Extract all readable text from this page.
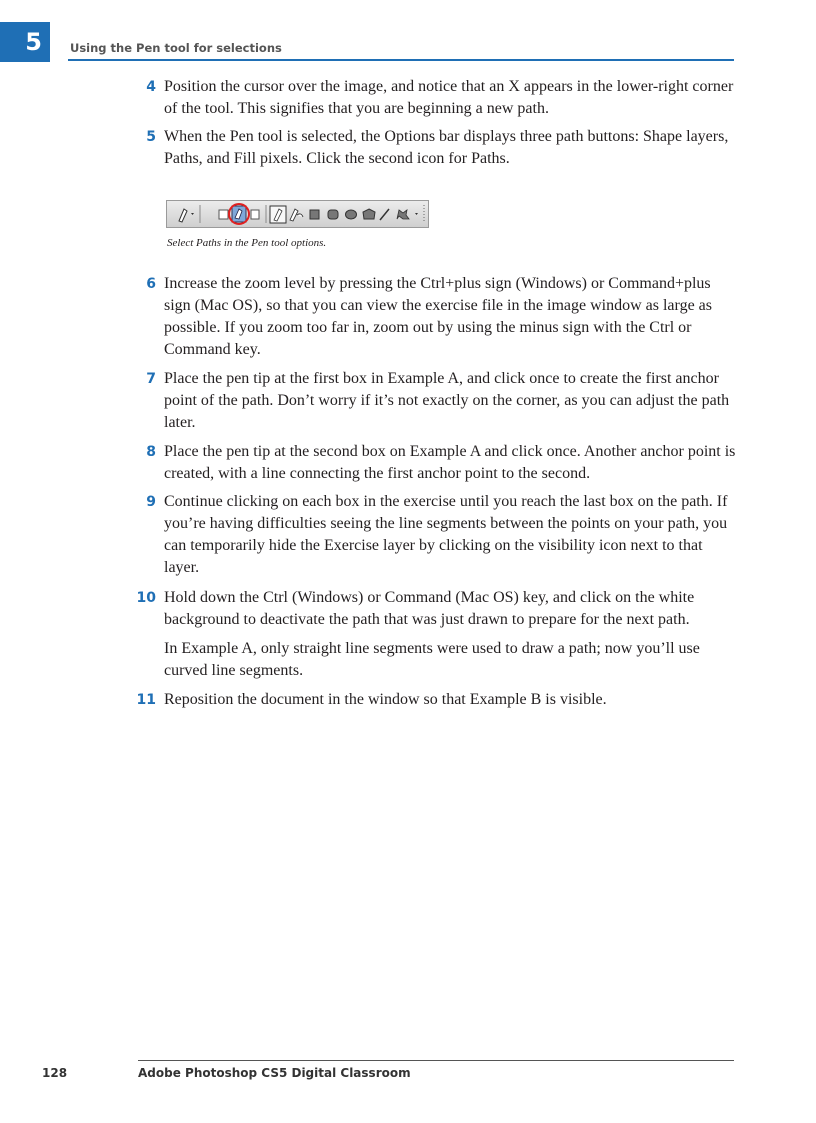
5	Using the Pen tool for selections
4 Position the cursor over the image, and notice that an X appears in the lower-right corner of the tool. This signifies that you are beginning a new path.
5 When the Pen tool is selected, the Options bar displays three path buttons: Shape layers, Paths, and Fill pixels. Click the second icon for Paths.
Select Paths in the Pen tool options.
6 Increase the zoom level by pressing the Ctrl+plus sign (Windows) or Command+plus sign (Mac OS), so that you can view the exercise file in the image window as large as possible. If you zoom too far in, zoom out by using the minus sign with the Ctrl or Command key.
7 Place the pen tip at the first box in Example A, and click once to create the first anchor point of the path. Don’t worry if it’s not exactly on the corner, as you can adjust the path later.
8 Place the pen tip at the second box on Example A and click once. Another anchor point is created, with a line connecting the first anchor point to the second.
9 Continue clicking on each box in the exercise until you reach the last box on the path. If you’re having difficulties seeing the line segments between the points on your path, you can temporarily hide the Exercise layer by clicking on the visibility icon next to that layer.
10 Hold down the Ctrl (Windows) or Command (Mac OS) key, and click on the white background to deactivate the path that was just drawn to prepare for the next path.
In Example A, only straight line segments were used to draw a path; now you’ll use curved line segments.
11 Reposition the document in the window so that Example B is visible.
128	Adobe Photoshop CS5 Digital Classroom
